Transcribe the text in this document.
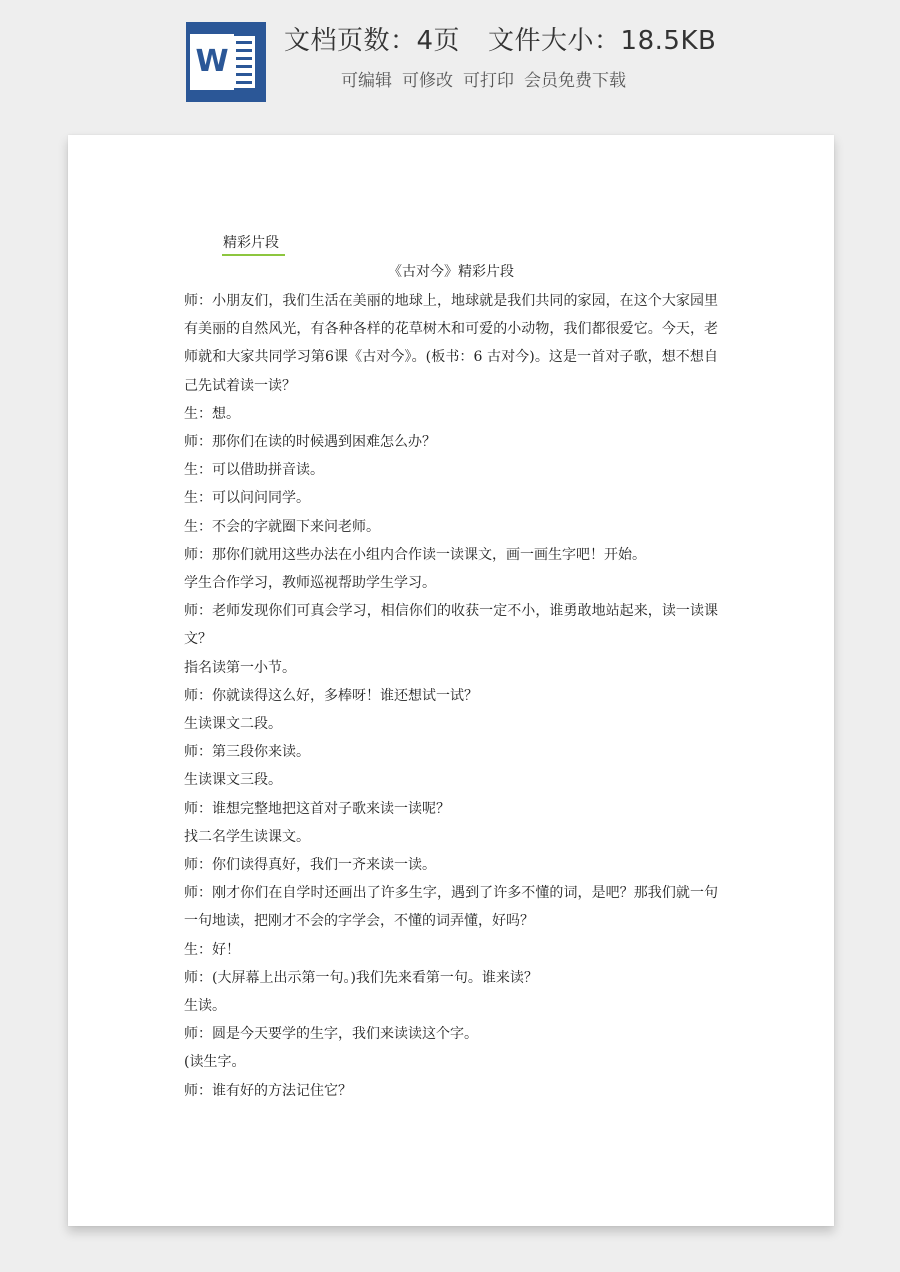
W
文档页数：4页 文件大小：18.5KB
可编辑 可修改 可打印 会员免费下载
精彩片段
《古对今》精彩片段

师：小朋友们，我们生活在美丽的地球上，地球就是我们共同的家园，在这个大家园里有美丽的自然风光，有各种各样的花草树木和可爱的小动物，我们都很爱它。今天，老师就和大家共同学习第6课《古对今》。(板书：6 古对今)。这是一首对子歌，想不想自己先试着读一读？

生：想。

师：那你们在读的时候遇到困难怎么办？

生：可以借助拼音读。

生：可以问问同学。

生：不会的字就圈下来问老师。

师：那你们就用这些办法在小组内合作读一读课文，画一画生字吧！开始。

学生合作学习，教师巡视帮助学生学习。

师：老师发现你们可真会学习，相信你们的收获一定不小，谁勇敢地站起来，读一读课文？

指名读第一小节。

师：你就读得这么好，多棒呀！谁还想试一试？

生读课文二段。

师：第三段你来读。

生读课文三段。

师：谁想完整地把这首对子歌来读一读呢？

找二名学生读课文。

师：你们读得真好，我们一齐来读一读。

师：刚才你们在自学时还画出了许多生字，遇到了许多不懂的词，是吧？那我们就一句一句地读，把刚才不会的字学会，不懂的词弄懂，好吗？

生：好！

师：(大屏幕上出示第一句。)我们先来看第一句。谁来读？

生读。

师：圆是今天要学的生字，我们来读读这个字。

(读生字。

师：谁有好的方法记住它？
